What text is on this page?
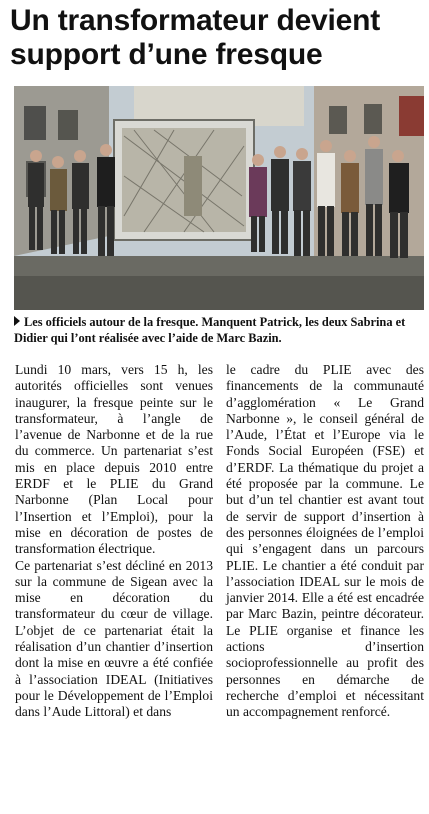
Un transformateur devient support d’une fresque
Les officiels autour de la fresque. Manquent Patrick, les deux Sabrina et Didier qui l’ont réalisée avec l’aide de Marc Bazin.

Lundi 10 mars, vers 15 h, les autorités officielles sont venues inaugurer, la fresque peinte sur le transformateur, à l’angle de l’avenue de Narbonne et de la rue du commerce. Un partenariat s’est mis en place depuis 2010 entre ERDF et le PLIE du Grand Narbonne (Plan Local pour l’Insertion et l’Emploi), pour la mise en décoration de postes de transformation électrique.

Ce partenariat s’est décliné en 2013 sur la commune de Sigean avec la mise en décoration du transformateur du cœur de village. L’objet de ce partenariat était la réalisation d’un chantier d’insertion dont la mise en œuvre a été confiée à l’association IDEAL (Initiatives pour le Développement de l’Emploi dans l’Aude Littoral) et dans

le cadre du PLIE avec des financements de la communauté d’agglomération « Le Grand Narbonne », le conseil général de l’Aude, l’État et l’Europe via le Fonds Social Européen (FSE) et d’ERDF. La thématique du projet a été proposée par la commune. Le but d’un tel chantier est avant tout de servir de support d’insertion à des personnes éloignées de l’emploi qui s’engagent dans un parcours PLIE. Le chantier a été conduit par l’association IDEAL sur le mois de janvier 2014. Elle a été est encadrée par Marc Bazin, peintre décorateur. Le PLIE organise et finance les actions d’insertion socioprofessionnelle au profit des personnes en démarche de recherche d’emploi et nécessitant un accompagnement renforcé.
